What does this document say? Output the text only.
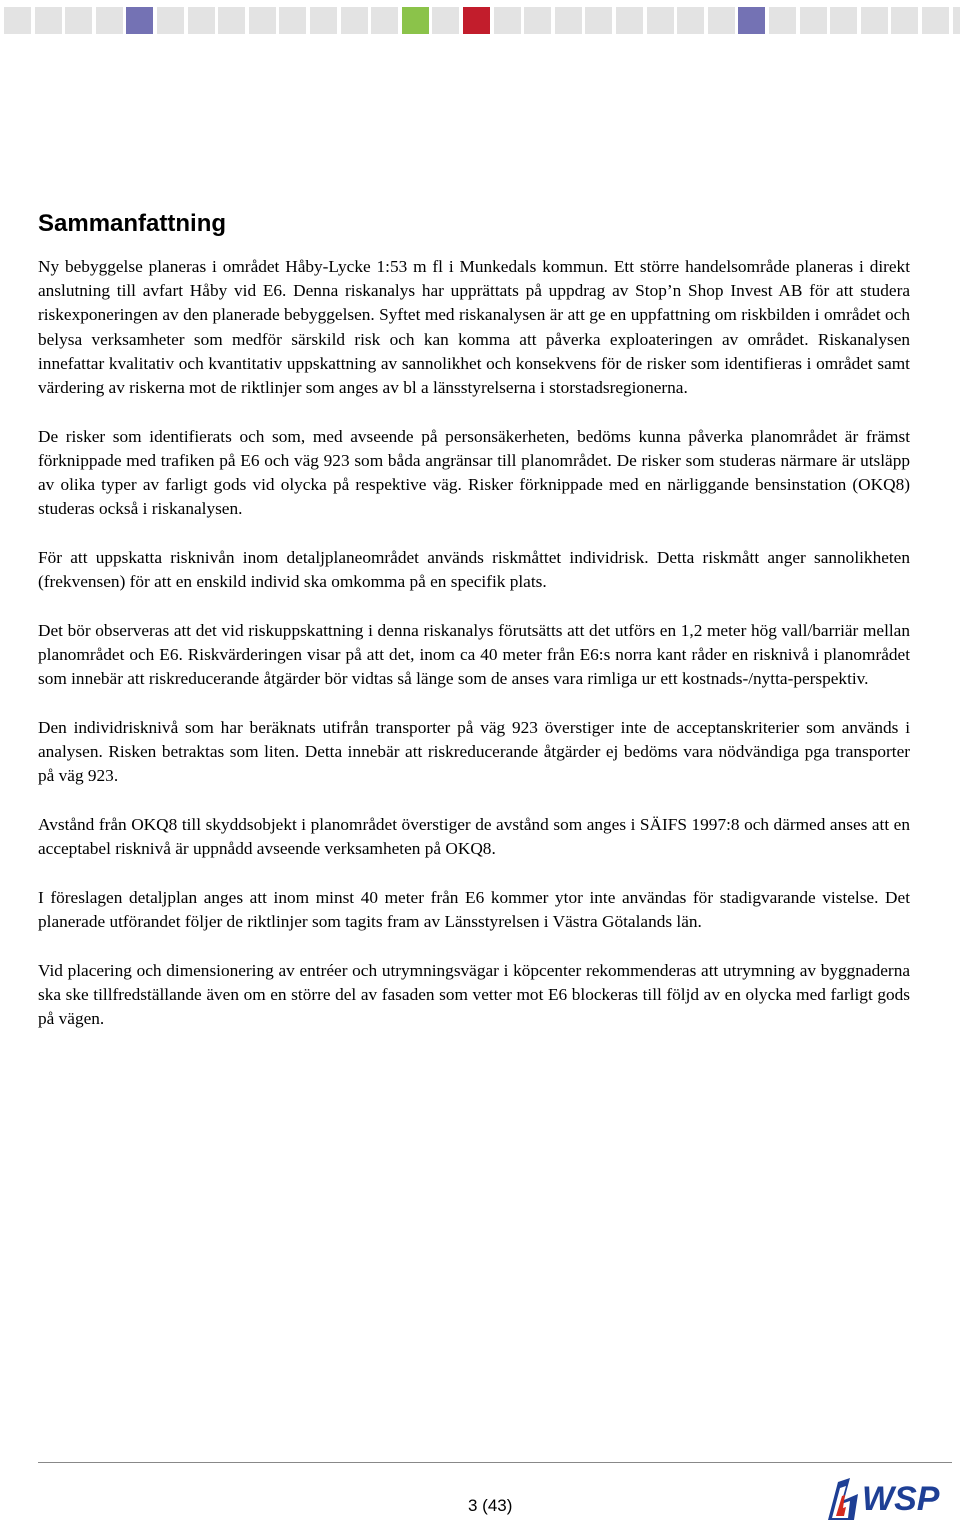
Sammanfattning

Ny bebyggelse planeras i området Håby-Lycke 1:53 m fl i Munkedals kommun. Ett större handelsområde planeras i direkt anslutning till avfart Håby vid E6. Denna riskanalys har upprättats på uppdrag av Stop’n Shop Invest AB för att studera riskexponeringen av den planerade bebyggelsen. Syftet med riskanalysen är att ge en uppfattning om riskbilden i området och belysa verksamheter som medför särskild risk och kan komma att påverka exploateringen av området. Riskanalysen innefattar kvalitativ och kvantitativ uppskattning av sannolikhet och konsekvens för de risker som identifieras i området samt värdering av riskerna mot de riktlinjer som anges av bl a länsstyrelserna i storstadsregionerna.

De risker som identifierats och som, med avseende på personsäkerheten, bedöms kunna påverka planområdet är främst förknippade med trafiken på E6 och väg 923 som båda angränsar till planområdet. De risker som studeras närmare är utsläpp av olika typer av farligt gods vid olycka på respektive väg. Risker förknippade med en närliggande bensinstation (OKQ8) studeras också i riskanalysen.

För att uppskatta risknivån inom detaljplaneområdet används riskmåttet individrisk. Detta riskmått anger sannolikheten (frekvensen) för att en enskild individ ska omkomma på en specifik plats.

Det bör observeras att det vid riskuppskattning i denna riskanalys förutsätts att det utförs en 1,2 meter hög vall/barriär mellan planområdet och E6. Riskvärderingen visar på att det, inom ca 40 meter från E6:s norra kant råder en risknivå i planområdet som innebär att riskreducerande åtgärder bör vidtas så länge som de anses vara rimliga ur ett kostnads-/nytta-perspektiv.

Den individrisknivå som har beräknats utifrån transporter på väg 923 överstiger inte de acceptanskriterier som används i analysen. Risken betraktas som liten. Detta innebär att riskreducerande åtgärder ej bedöms vara nödvändiga pga transporter på väg 923.

Avstånd från OKQ8 till skyddsobjekt i planområdet överstiger de avstånd som anges i SÄIFS 1997:8 och därmed anses att en acceptabel risknivå är uppnådd avseende verksamheten på OKQ8.

I föreslagen detaljplan anges att inom minst 40 meter från E6 kommer ytor inte användas för stadigvarande vistelse. Det planerade utförandet följer de riktlinjer som tagits fram av Länsstyrelsen i Västra Götalands län.

Vid placering och dimensionering av entréer och utrymningsvägar i köpcenter rekommenderas att utrymning av byggnaderna ska ske tillfredställande även om en större del av fasaden som vetter mot E6 blockeras till följd av en olycka med farligt gods på vägen.

3 (43)	WSP
